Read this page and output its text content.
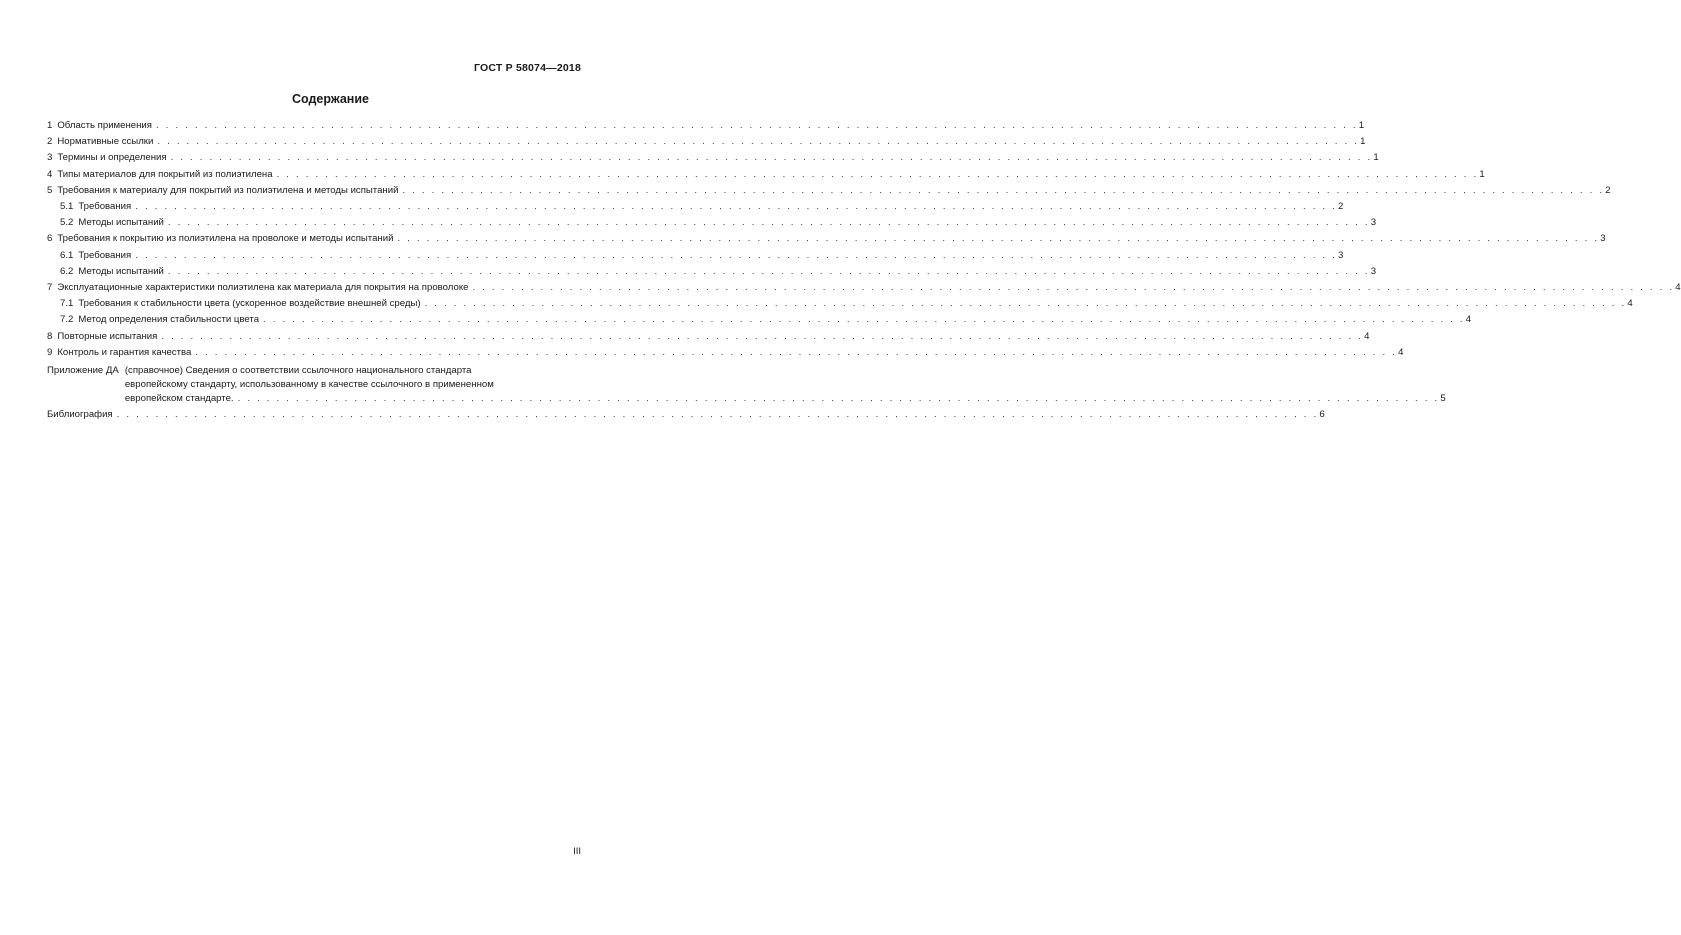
ГОСТ Р 58074—2018
Содержание
1 Область применения . . .	1
2 Нормативные ссылки . . .	1
3 Термины и определения . . .	1
4 Типы материалов для покрытий из полиэтилена . . .	1
5 Требования к материалу для покрытий из полиэтилена и методы испытаний . . .	2
5.1 Требования . . .	2
5.2 Методы испытаний . . .	3
6 Требования к покрытию из полиэтилена на проволоке и методы испытаний . . .	3
6.1 Требования . . .	3
6.2 Методы испытаний . . .	3
7 Эксплуатационные характеристики полиэтилена как материала для покрытия на проволоке . . .	4
7.1 Требования к стабильности цвета (ускоренное воздействие внешней среды) . . .	4
7.2 Метод определения стабильности цвета . . .	4
8 Повторные испытания . . .	4
9 Контроль и гарантия качества . . .	4
Приложение ДА (справочное) Сведения о соответствии ссылочного национального стандарта
европейскому стандарту, использованному в качестве ссылочного в примененном
европейском стандарте. . . .	5
Библиография . . .	6
III
